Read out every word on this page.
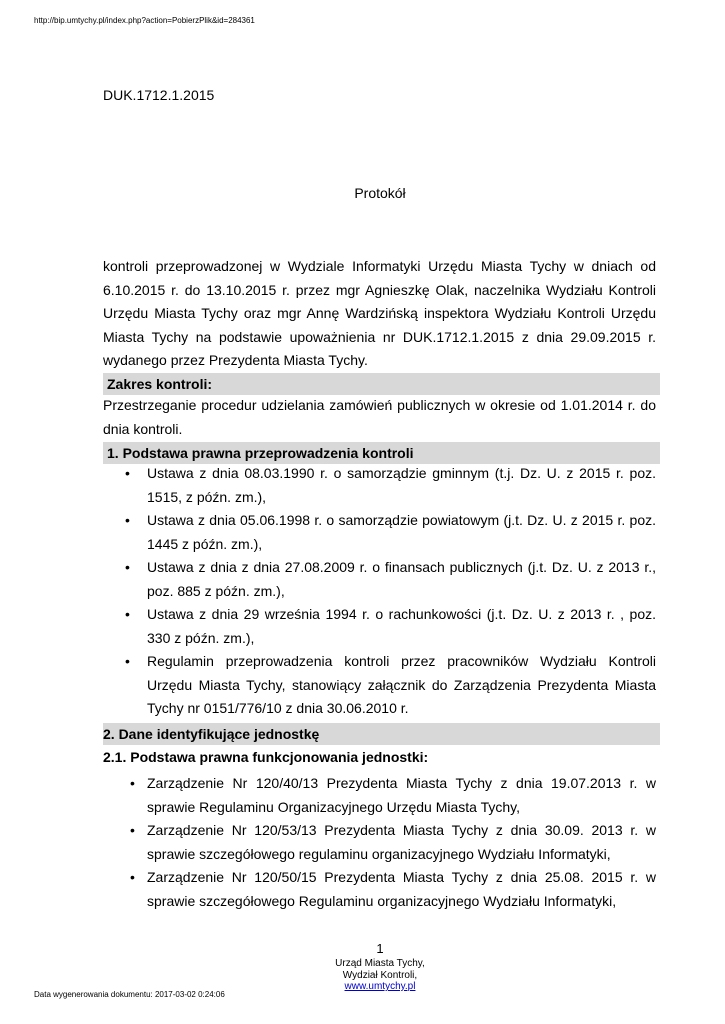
http://bip.umtychy.pl/index.php?action=PobierzPlik&id=284361
DUK.1712.1.2015
Protokół
kontroli przeprowadzonej w Wydziale Informatyki Urzędu Miasta Tychy w dniach od 6.10.2015 r. do 13.10.2015 r. przez mgr Agnieszkę Olak, naczelnika Wydziału Kontroli Urzędu Miasta Tychy oraz mgr Annę Wardzińską inspektora Wydziału Kontroli Urzędu Miasta Tychy na podstawie upoważnienia nr DUK.1712.1.2015 z dnia 29.09.2015 r. wydanego przez Prezydenta Miasta Tychy.
Zakres kontroli:
Przestrzeganie procedur udzielania zamówień publicznych w okresie od 1.01.2014 r. do dnia kontroli.
1. Podstawa prawna przeprowadzenia kontroli
• Ustawa z dnia 08.03.1990 r. o samorządzie gminnym (t.j. Dz. U. z 2015 r. poz. 1515, z późn. zm.),
• Ustawa z dnia 05.06.1998 r. o samorządzie powiatowym (j.t. Dz. U. z 2015 r. poz. 1445 z późn. zm.),
• Ustawa z dnia z dnia 27.08.2009 r. o finansach publicznych (j.t. Dz. U. z 2013 r., poz. 885 z późn. zm.),
• Ustawa z dnia 29 września 1994 r. o rachunkowości (j.t. Dz. U. z 2013 r. , poz. 330 z późn. zm.),
• Regulamin przeprowadzenia kontroli przez pracowników Wydziału Kontroli Urzędu Miasta Tychy, stanowiący załącznik do Zarządzenia Prezydenta Miasta Tychy nr 0151/776/10 z dnia 30.06.2010 r.
2. Dane identyfikujące jednostkę
2.1. Podstawa prawna funkcjonowania jednostki:
• Zarządzenie Nr 120/40/13 Prezydenta Miasta Tychy z dnia 19.07.2013 r. w sprawie Regulaminu Organizacyjnego Urzędu Miasta Tychy,
• Zarządzenie Nr 120/53/13 Prezydenta Miasta Tychy z dnia 30.09. 2013 r. w sprawie szczegółowego regulaminu organizacyjnego Wydziału Informatyki,
• Zarządzenie Nr 120/50/15 Prezydenta Miasta Tychy z dnia 25.08. 2015 r. w sprawie szczegółowego Regulaminu organizacyjnego Wydziału Informatyki,
1
Urząd Miasta Tychy,
Wydział Kontroli,
www.umtychy.pl
Data wygenerowania dokumentu: 2017-03-02 0:24:06
